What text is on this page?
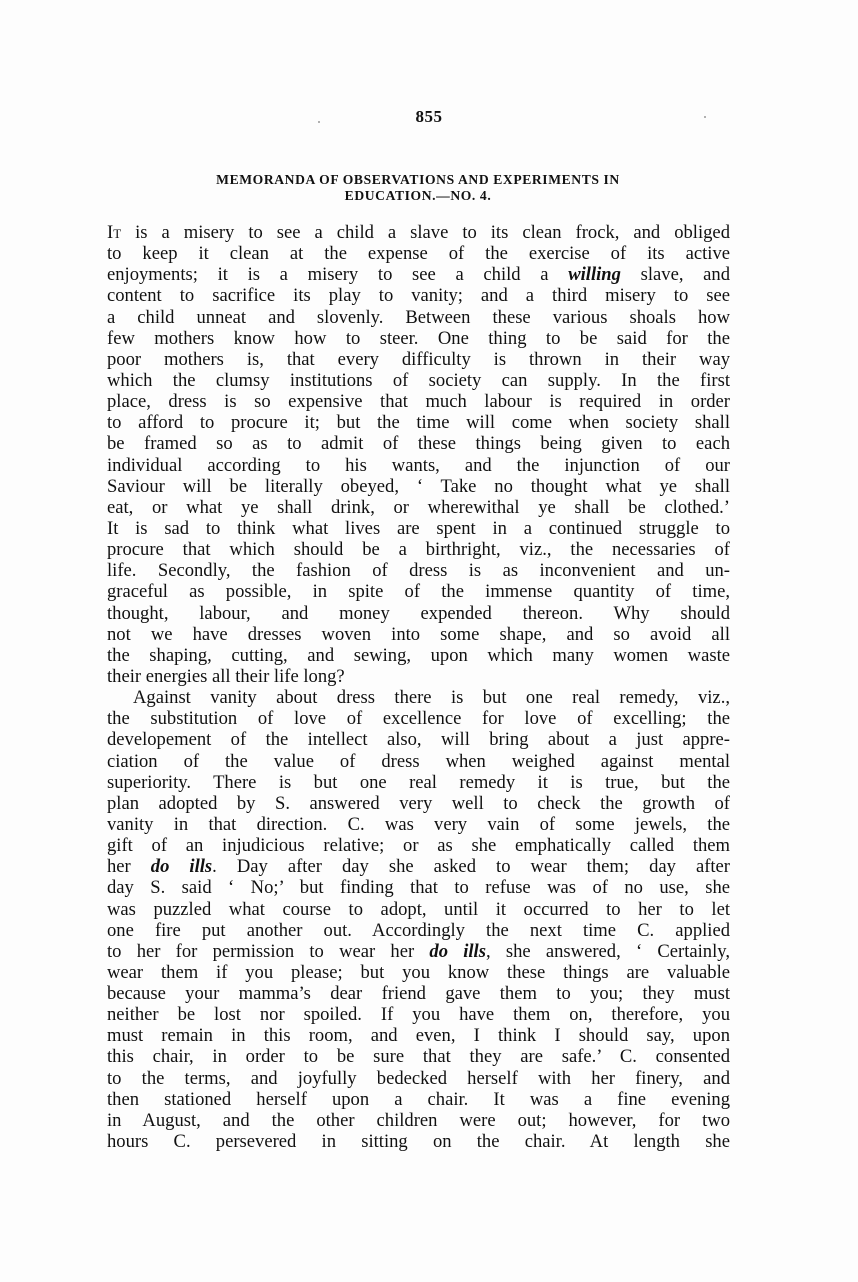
855
MEMORANDA OF OBSERVATIONS AND EXPERIMENTS IN
EDUCATION.—NO. 4.
It is a misery to see a child a slave to its clean frock, and obliged
to keep it clean at the expense of the exercise of its active
enjoyments; it is a misery to see a child a willing slave, and
content to sacrifice its play to vanity; and a third misery to see
a child unneat and slovenly. Between these various shoals how
few mothers know how to steer. One thing to be said for the
poor mothers is, that every difficulty is thrown in their way
which the clumsy institutions of society can supply. In the first
place, dress is so expensive that much labour is required in order
to afford to procure it; but the time will come when society shall
be framed so as to admit of these things being given to each
individual according to his wants, and the injunction of our
Saviour will be literally obeyed, ‘ Take no thought what ye shall
eat, or what ye shall drink, or wherewithal ye shall be clothed.’
It is sad to think what lives are spent in a continued struggle to
procure that which should be a birthright, viz., the necessaries of
life. Secondly, the fashion of dress is as inconvenient and un-
graceful as possible, in spite of the immense quantity of time,
thought, labour, and money expended thereon. Why should
not we have dresses woven into some shape, and so avoid all
the shaping, cutting, and sewing, upon which many women waste
their energies all their life long?
Against vanity about dress there is but one real remedy, viz.,
the substitution of love of excellence for love of excelling; the
developement of the intellect also, will bring about a just appre-
ciation of the value of dress when weighed against mental
superiority. There is but one real remedy it is true, but the
plan adopted by S. answered very well to check the growth of
vanity in that direction. C. was very vain of some jewels, the
gift of an injudicious relative; or as she emphatically called them
her do ills. Day after day she asked to wear them; day after
day S. said ‘ No;’ but finding that to refuse was of no use, she
was puzzled what course to adopt, until it occurred to her to let
one fire put another out. Accordingly the next time C. applied
to her for permission to wear her do ills, she answered, ‘ Certainly,
wear them if you please; but you know these things are valuable
because your mamma’s dear friend gave them to you; they must
neither be lost nor spoiled. If you have them on, therefore, you
must remain in this room, and even, I think I should say, upon
this chair, in order to be sure that they are safe.’ C. consented
to the terms, and joyfully bedecked herself with her finery, and
then stationed herself upon a chair. It was a fine evening
in August, and the other children were out; however, for two
hours C. persevered in sitting on the chair. At length she
